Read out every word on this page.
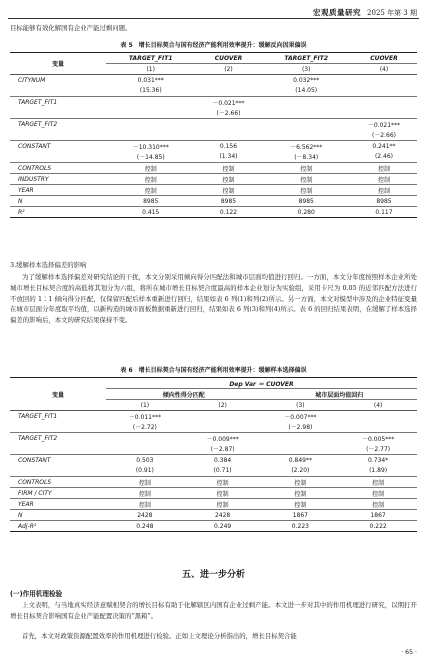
宏观质量研究 2025 年第 3 期

目标能够有效化解国有企业产能过剩问题。

表 5　增长目标契合与国有经济产能利用效率提升：缓解反向因果偏误
变量	TARGET_FIT1	CUOVER	TARGET_FIT2	CUOVER
	(1)	(2)	(3)	(4)
CITYNUM	0.031***		0.032***	
	(15.36)		(14.05)	
TARGET_FIT1		－0.021***		
		(－2.66)		
TARGET_FIT2				－0.021***
				(－2.66)
CONSTANT	－10.310***	0.156	－6.562***	0.241**
	(－14.85)	(1.34)	(－8.34)	(2.46)
CONTROLS	控制	控制	控制	控制
INDUSTRY	控制	控制	控制	控制
YEAR	控制	控制	控制	控制
N	8985	8985	8985	8985
R²	0.415	0.122	0.280	0.117

3.缓解样本选择偏差的影响

为了缓解样本选择偏差对研究结论的干扰，本文分别采用倾向得分匹配法和城市层面均值进行回归。一方面，本文分年度按照样本企业所处城市增长目标契合度的高低将其划分为六组，将所在城市增长目标契合度最高的样本企业划分为实验组，采用卡尺为 0.05 的近邻匹配方法进行不放回的 1∶1 倾向得分匹配，仅保留匹配后样本重新进行回归，结果如表 6 列(1)和列(2)所示。另一方面，本文对模型中涉及的企业特征变量在城市层面分年度取平均值，以新构造的城市面板数据重新进行回归，结果如表 6 列(3)和列(4)所示。表 6 的回归结果表明，在缓解了样本选择偏差的影响后，本文的研究结果保持不变。

表 6　增长目标契合与国有经济产能利用效率提升：缓解样本选择偏误
变量	Dep Var ＝ CUOVER			
	倾向性得分匹配		城市层面均值回归	
	(1)	(2)	(3)	(4)
TARGET_FIT1	－0.011***		－0.007***	
	(－2.72)		(－2.98)	
TARGET_FIT2		－0.009***		－0.005***
		(－2.87)		(－2.77)
CONSTANT	0.503	0.384	0.849**	0.734*
	(0.91)	(0.71)	(2.20)	(1.89)
CONTROLS	控制	控制	控制	控制
FIRM / CITY	控制	控制	控制	控制
YEAR	控制	控制	控制	控制
N	2428	2428	1867	1867
Adj-R²	0.248	0.249	0.223	0.222
五、进一步分析
(一)作用机理检验

上文表明，与当地真实经济意赋相契合的增长目标有助于化解辖区内国有企业过剩产能。本文进一步对其中的作用机理进行研究，以期打开增长目标契合影响国有企业产能配置决策的“黑箱”。

首先，本文对政策资源配置效率的作用机理进行检验。正如上文理论分析指出的，增长目标契合能

· 65 ·
